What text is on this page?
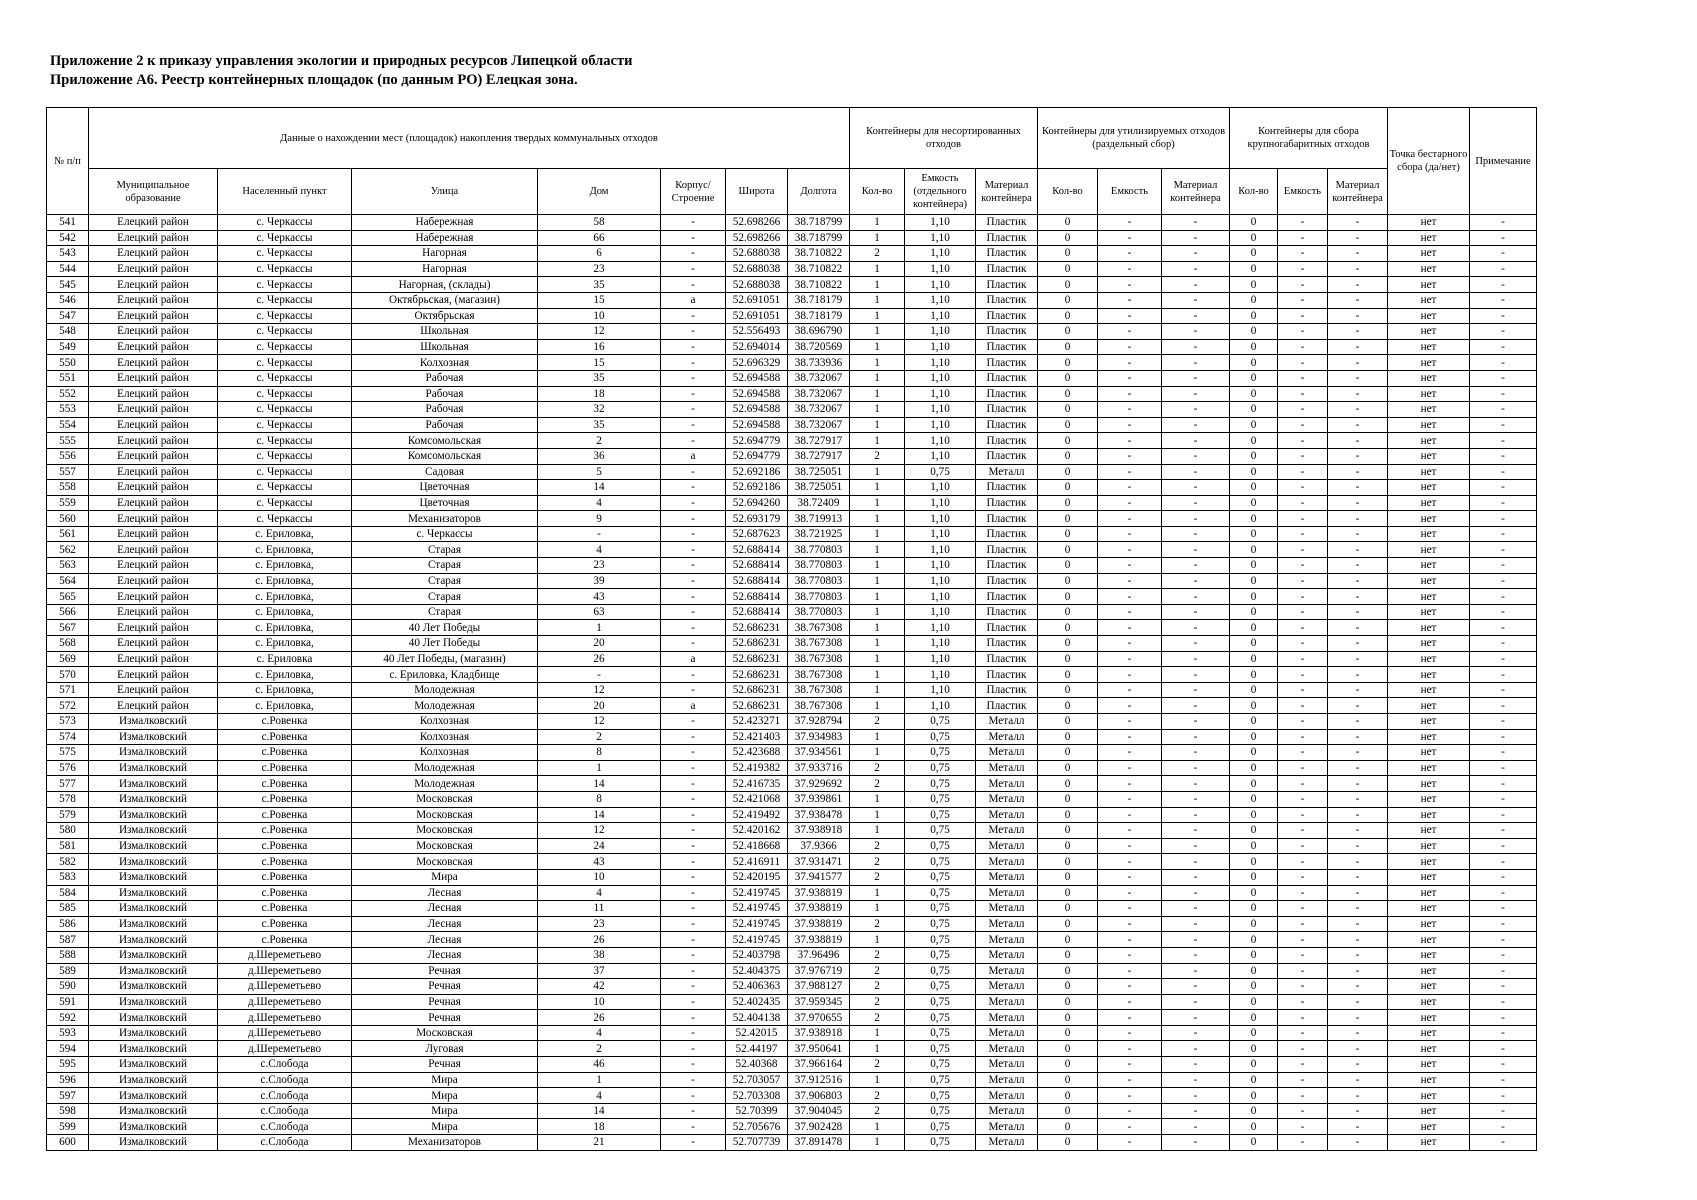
Приложение 2 к приказу управления экологии и природных ресурсов Липецкой области
Приложение А6. Реестр контейнерных площадок (по данным РО) Елецкая зона.
№ п/п	Данные о нахождении мест (площадок) накопления твердых коммунальных отходов							Контейнеры для несортированных отходов			Контейнеры для утилизируемых отходов (раздельный сбор)			Контейнеры для сбора крупногабаритных отходов			Точка бестарного сбора (да/нет)	Примечание
	Муниципальное образование	Населенный пункт	Улица	Дом	Корпус/ Строение	Широта	Долгота	Кол-во	Емкость (отдельного контейнера)	Материал контейнера	Кол-во	Емкость	Материал контейнера	Кол-во	Емкость	Материал контейнера		
541	Елецкий район	с. Черкассы	Набережная	58	-	52.698266	38.718799	1	1,10	Пластик	0	-	-	0	-	-	нет	-
542	Елецкий район	с. Черкассы	Набережная	66	-	52.698266	38.718799	1	1,10	Пластик	0	-	-	0	-	-	нет	-
543	Елецкий район	с. Черкассы	Нагорная	6	-	52.688038	38.710822	2	1,10	Пластик	0	-	-	0	-	-	нет	-
544	Елецкий район	с. Черкассы	Нагорная	23	-	52.688038	38.710822	1	1,10	Пластик	0	-	-	0	-	-	нет	-
545	Елецкий район	с. Черкассы	Нагорная, (склады)	35	-	52.688038	38.710822	1	1,10	Пластик	0	-	-	0	-	-	нет	-
546	Елецкий район	с. Черкассы	Октябрьская, (магазин)	15	а	52.691051	38.718179	1	1,10	Пластик	0	-	-	0	-	-	нет	-
547	Елецкий район	с. Черкассы	Октябрьская	10	-	52.691051	38.718179	1	1,10	Пластик	0	-	-	0	-	-	нет	-
548	Елецкий район	с. Черкассы	Школьная	12	-	52.556493	38.696790	1	1,10	Пластик	0	-	-	0	-	-	нет	-
549	Елецкий район	с. Черкассы	Школьная	16	-	52.694014	38.720569	1	1,10	Пластик	0	-	-	0	-	-	нет	-
550	Елецкий район	с. Черкассы	Колхозная	15	-	52.696329	38.733936	1	1,10	Пластик	0	-	-	0	-	-	нет	-
551	Елецкий район	с. Черкассы	Рабочая	35	-	52.694588	38.732067	1	1,10	Пластик	0	-	-	0	-	-	нет	-
552	Елецкий район	с. Черкассы	Рабочая	18	-	52.694588	38.732067	1	1,10	Пластик	0	-	-	0	-	-	нет	-
553	Елецкий район	с. Черкассы	Рабочая	32	-	52.694588	38.732067	1	1,10	Пластик	0	-	-	0	-	-	нет	-
554	Елецкий район	с. Черкассы	Рабочая	35	-	52.694588	38.732067	1	1,10	Пластик	0	-	-	0	-	-	нет	-
555	Елецкий район	с. Черкассы	Комсомольская	2	-	52.694779	38.727917	1	1,10	Пластик	0	-	-	0	-	-	нет	-
556	Елецкий район	с. Черкассы	Комсомольская	36	а	52.694779	38.727917	2	1,10	Пластик	0	-	-	0	-	-	нет	-
557	Елецкий район	с. Черкассы	Садовая	5	-	52.692186	38.725051	1	0,75	Металл	0	-	-	0	-	-	нет	-
558	Елецкий район	с. Черкассы	Цветочная	14	-	52.692186	38.725051	1	1,10	Пластик	0	-	-	0	-	-	нет	-
559	Елецкий район	с. Черкассы	Цветочная	4	-	52.694260	38.72409	1	1,10	Пластик	0	-	-	0	-	-	нет	-
560	Елецкий район	с. Черкассы	Механизаторов	9	-	52.693179	38.719913	1	1,10	Пластик	0	-	-	0	-	-	нет	-
561	Елецкий район	с. Ериловка,	с. Черкассы	-	-	52.687623	38.721925	1	1,10	Пластик	0	-	-	0	-	-	нет	-
562	Елецкий район	с. Ериловка,	Старая	4	-	52.688414	38.770803	1	1,10	Пластик	0	-	-	0	-	-	нет	-
563	Елецкий район	с. Ериловка,	Старая	23	-	52.688414	38.770803	1	1,10	Пластик	0	-	-	0	-	-	нет	-
564	Елецкий район	с. Ериловка,	Старая	39	-	52.688414	38.770803	1	1,10	Пластик	0	-	-	0	-	-	нет	-
565	Елецкий район	с. Ериловка,	Старая	43	-	52.688414	38.770803	1	1,10	Пластик	0	-	-	0	-	-	нет	-
566	Елецкий район	с. Ериловка,	Старая	63	-	52.688414	38.770803	1	1,10	Пластик	0	-	-	0	-	-	нет	-
567	Елецкий район	с. Ериловка,	40 Лет Победы	1	-	52.686231	38.767308	1	1,10	Пластик	0	-	-	0	-	-	нет	-
568	Елецкий район	с. Ериловка,	40 Лет Победы	20	-	52.686231	38.767308	1	1,10	Пластик	0	-	-	0	-	-	нет	-
569	Елецкий район	с. Ериловка	40 Лет Победы, (магазин)	26	а	52.686231	38.767308	1	1,10	Пластик	0	-	-	0	-	-	нет	-
570	Елецкий район	с. Ериловка,	с. Ериловка, Кладбище	-	-	52.686231	38.767308	1	1,10	Пластик	0	-	-	0	-	-	нет	-
571	Елецкий район	с. Ериловка,	Молодежная	12	-	52.686231	38.767308	1	1,10	Пластик	0	-	-	0	-	-	нет	-
572	Елецкий район	с. Ериловка,	Молодежная	20	а	52.686231	38.767308	1	1,10	Пластик	0	-	-	0	-	-	нет	-
573	Измалковский	с.Ровенка	Колхозная	12	-	52.423271	37.928794	2	0,75	Металл	0	-	-	0	-	-	нет	-
574	Измалковский	с.Ровенка	Колхозная	2	-	52.421403	37.934983	1	0,75	Металл	0	-	-	0	-	-	нет	-
575	Измалковский	с.Ровенка	Колхозная	8	-	52.423688	37.934561	1	0,75	Металл	0	-	-	0	-	-	нет	-
576	Измалковский	с.Ровенка	Молодежная	1	-	52.419382	37.933716	2	0,75	Металл	0	-	-	0	-	-	нет	-
577	Измалковский	с.Ровенка	Молодежная	14	-	52.416735	37.929692	2	0,75	Металл	0	-	-	0	-	-	нет	-
578	Измалковский	с.Ровенка	Московская	8	-	52.421068	37.939861	1	0,75	Металл	0	-	-	0	-	-	нет	-
579	Измалковский	с.Ровенка	Московская	14	-	52.419492	37.938478	1	0,75	Металл	0	-	-	0	-	-	нет	-
580	Измалковский	с.Ровенка	Московская	12	-	52.420162	37.938918	1	0,75	Металл	0	-	-	0	-	-	нет	-
581	Измалковский	с.Ровенка	Московская	24	-	52.418668	37.9366	2	0,75	Металл	0	-	-	0	-	-	нет	-
582	Измалковский	с.Ровенка	Московская	43	-	52.416911	37.931471	2	0,75	Металл	0	-	-	0	-	-	нет	-
583	Измалковский	с.Ровенка	Мира	10	-	52.420195	37.941577	2	0,75	Металл	0	-	-	0	-	-	нет	-
584	Измалковский	с.Ровенка	Лесная	4	-	52.419745	37.938819	1	0,75	Металл	0	-	-	0	-	-	нет	-
585	Измалковский	с.Ровенка	Лесная	11	-	52.419745	37.938819	1	0,75	Металл	0	-	-	0	-	-	нет	-
586	Измалковский	с.Ровенка	Лесная	23	-	52.419745	37.938819	2	0,75	Металл	0	-	-	0	-	-	нет	-
587	Измалковский	с.Ровенка	Лесная	26	-	52.419745	37.938819	1	0,75	Металл	0	-	-	0	-	-	нет	-
588	Измалковский	д.Шереметьево	Лесная	38	-	52.403798	37.96496	2	0,75	Металл	0	-	-	0	-	-	нет	-
589	Измалковский	д.Шереметьево	Речная	37	-	52.404375	37.976719	2	0,75	Металл	0	-	-	0	-	-	нет	-
590	Измалковский	д.Шереметьево	Речная	42	-	52.406363	37.988127	2	0,75	Металл	0	-	-	0	-	-	нет	-
591	Измалковский	д.Шереметьево	Речная	10	-	52.402435	37.959345	2	0,75	Металл	0	-	-	0	-	-	нет	-
592	Измалковский	д.Шереметьево	Речная	26	-	52.404138	37.970655	2	0,75	Металл	0	-	-	0	-	-	нет	-
593	Измалковский	д.Шереметьево	Московская	4	-	52.42015	37.938918	1	0,75	Металл	0	-	-	0	-	-	нет	-
594	Измалковский	д.Шереметьево	Луговая	2	-	52.44197	37.950641	1	0,75	Металл	0	-	-	0	-	-	нет	-
595	Измалковский	с.Слобода	Речная	46	-	52.40368	37.966164	2	0,75	Металл	0	-	-	0	-	-	нет	-
596	Измалковский	с.Слобода	Мира	1	-	52.703057	37.912516	1	0,75	Металл	0	-	-	0	-	-	нет	-
597	Измалковский	с.Слобода	Мира	4	-	52.703308	37.906803	2	0,75	Металл	0	-	-	0	-	-	нет	-
598	Измалковский	с.Слобода	Мира	14	-	52.70399	37.904045	2	0,75	Металл	0	-	-	0	-	-	нет	-
599	Измалковский	с.Слобода	Мира	18	-	52.705676	37.902428	1	0,75	Металл	0	-	-	0	-	-	нет	-
600	Измалковский	с.Слобода	Механизаторов	21	-	52.707739	37.891478	1	0,75	Металл	0	-	-	0	-	-	нет	-
